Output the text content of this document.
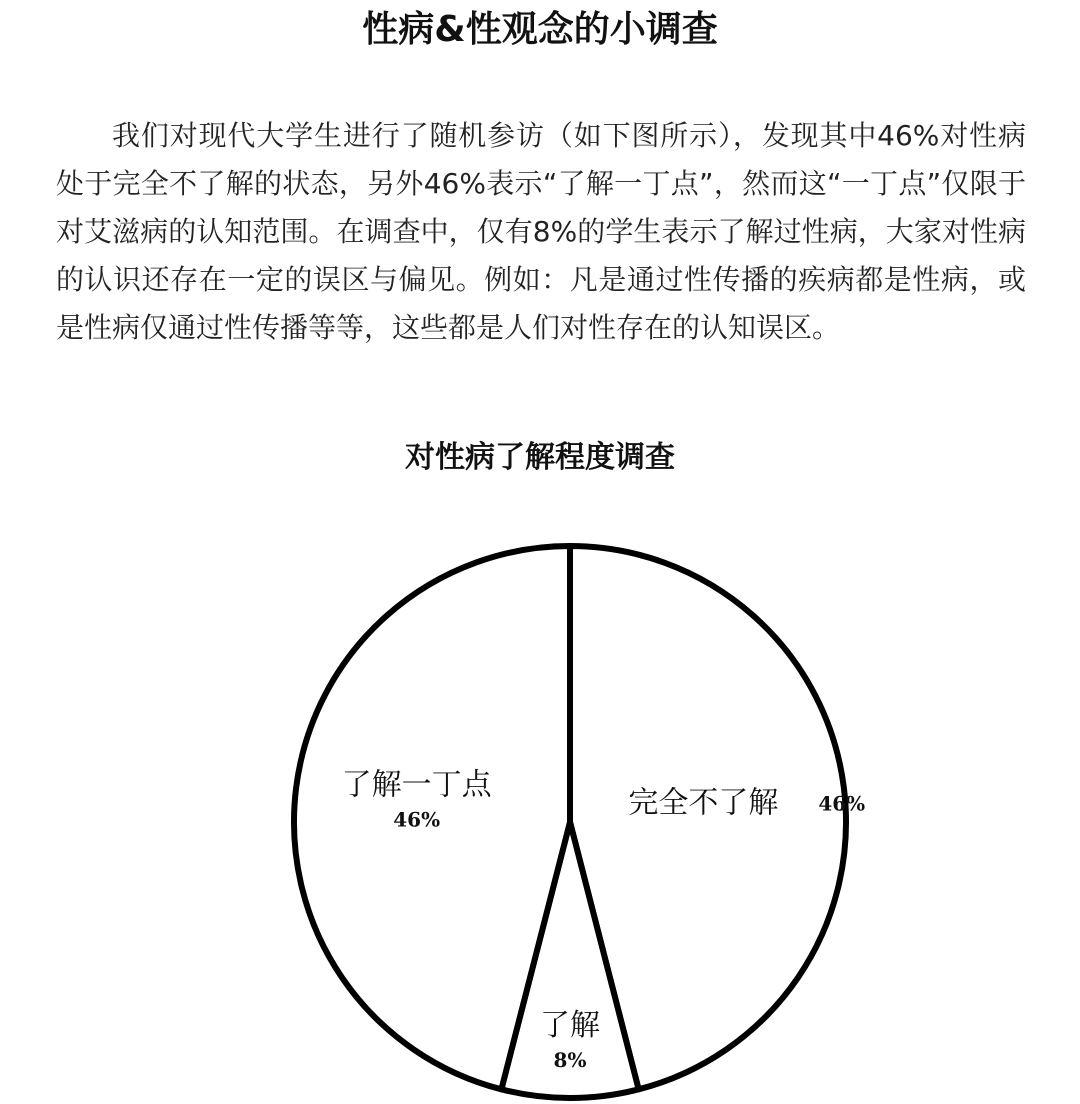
性病&性观念的小调查
我们对现代大学生进行了随机参访（如下图所示），发现其中46%对性病处于完全不了解的状态，另外46%表示“了解一丁点”，然而这“一丁点”仅限于对艾滋病的认知范围。在调查中，仅有8%的学生表示了解过性病，大家对性病的认识还存在一定的误区与偏见。例如：凡是通过性传播的疾病都是性病，或是性病仅通过性传播等等，这些都是人们对性存在的认知误区。
对性病了解程度调查
完全不了解 46%
了解
8%
了解一丁点
46%
